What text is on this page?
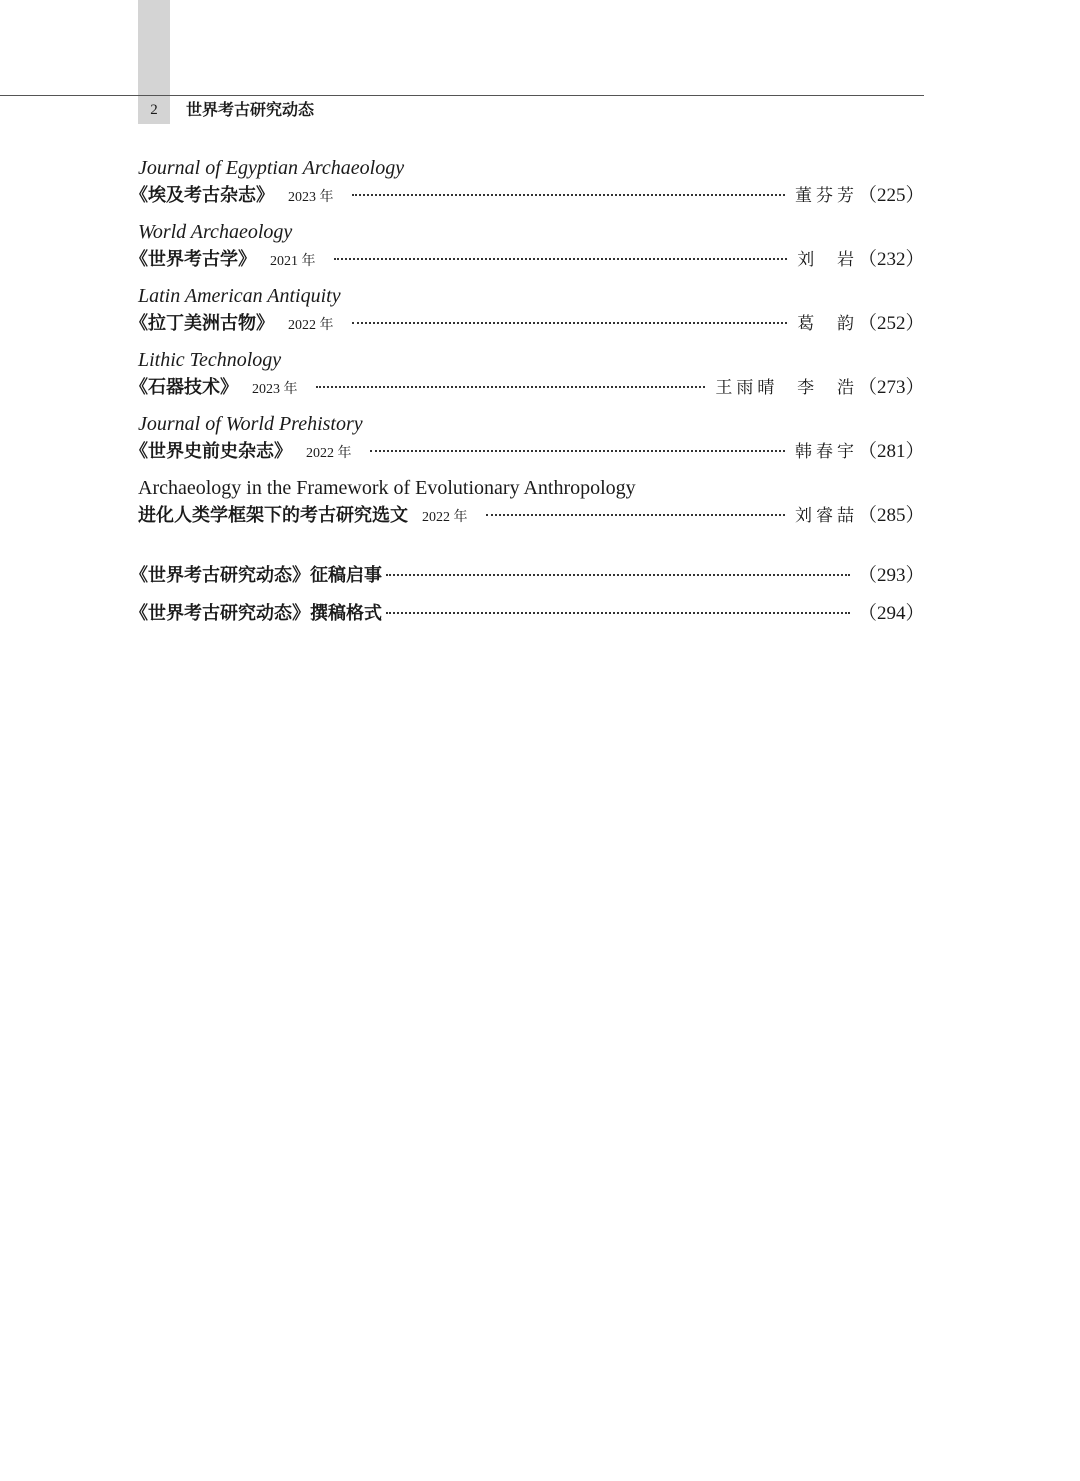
2	世界考古研究动态
Journal of Egyptian Archaeology
《埃及考古杂志》 2023 年	董芬芳 （225）
World Archaeology
《世界考古学》 2021 年	刘  岩 （232）
Latin American Antiquity
《拉丁美洲古物》 2022 年	葛  韵 （252）
Lithic Technology
《石器技术》 2023 年	王雨晴  李  浩 （273）
Journal of World Prehistory
《世界史前史杂志》 2022 年	韩春宇 （281）
Archaeology in the Framework of Evolutionary Anthropology
进化人类学框架下的考古研究选文 2022 年	刘睿喆 （285）
《世界考古研究动态》征稿启事	（293）
《世界考古研究动态》撰稿格式	（294）
